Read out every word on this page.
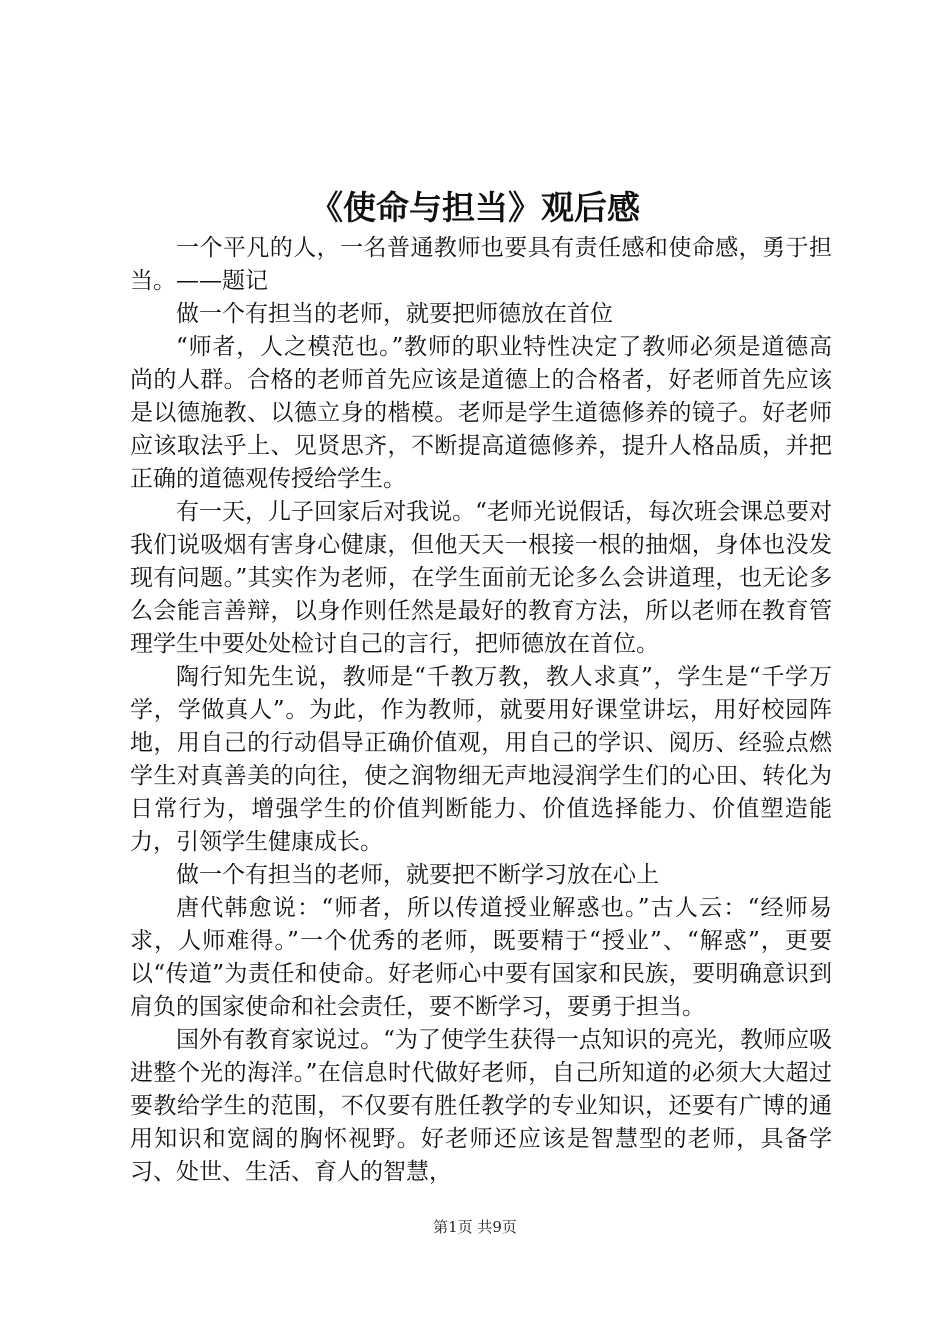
《使命与担当》观后感

一个平凡的人，一名普通教师也要具有责任感和使命感，勇于担当。——题记

做一个有担当的老师，就要把师德放在首位

“师者，人之模范也。”教师的职业特性决定了教师必须是道德高尚的人群。合格的老师首先应该是道德上的合格者，好老师首先应该是以德施教、以德立身的楷模。老师是学生道德修养的镜子。好老师应该取法乎上、见贤思齐，不断提高道德修养，提升人格品质，并把正确的道德观传授给学生。

有一天，儿子回家后对我说。“老师光说假话，每次班会课总要对我们说吸烟有害身心健康，但他天天一根接一根的抽烟，身体也没发现有问题。”其实作为老师，在学生面前无论多么会讲道理，也无论多么会能言善辩，以身作则任然是最好的教育方法，所以老师在教育管理学生中要处处检讨自己的言行，把师德放在首位。

陶行知先生说，教师是“千教万教，教人求真”，学生是“千学万学，学做真人”。为此，作为教师，就要用好课堂讲坛，用好校园阵地，用自己的行动倡导正确价值观，用自己的学识、阅历、经验点燃学生对真善美的向往，使之润物细无声地浸润学生们的心田、转化为日常行为，增强学生的价值判断能力、价值选择能力、价值塑造能力，引领学生健康成长。

做一个有担当的老师，就要把不断学习放在心上

唐代韩愈说：“师者，所以传道授业解惑也。”古人云：“经师易求，人师难得。”一个优秀的老师，既要精于“授业”、“解惑”，更要以“传道”为责任和使命。好老师心中要有国家和民族，要明确意识到肩负的国家使命和社会责任，要不断学习，要勇于担当。

国外有教育家说过。“为了使学生获得一点知识的亮光，教师应吸进整个光的海洋。”在信息时代做好老师，自己所知道的必须大大超过要教给学生的范围，不仅要有胜任教学的专业知识，还要有广博的通用知识和宽阔的胸怀视野。好老师还应该是智慧型的老师，具备学习、处世、生活、育人的智慧，

第1页 共9页
